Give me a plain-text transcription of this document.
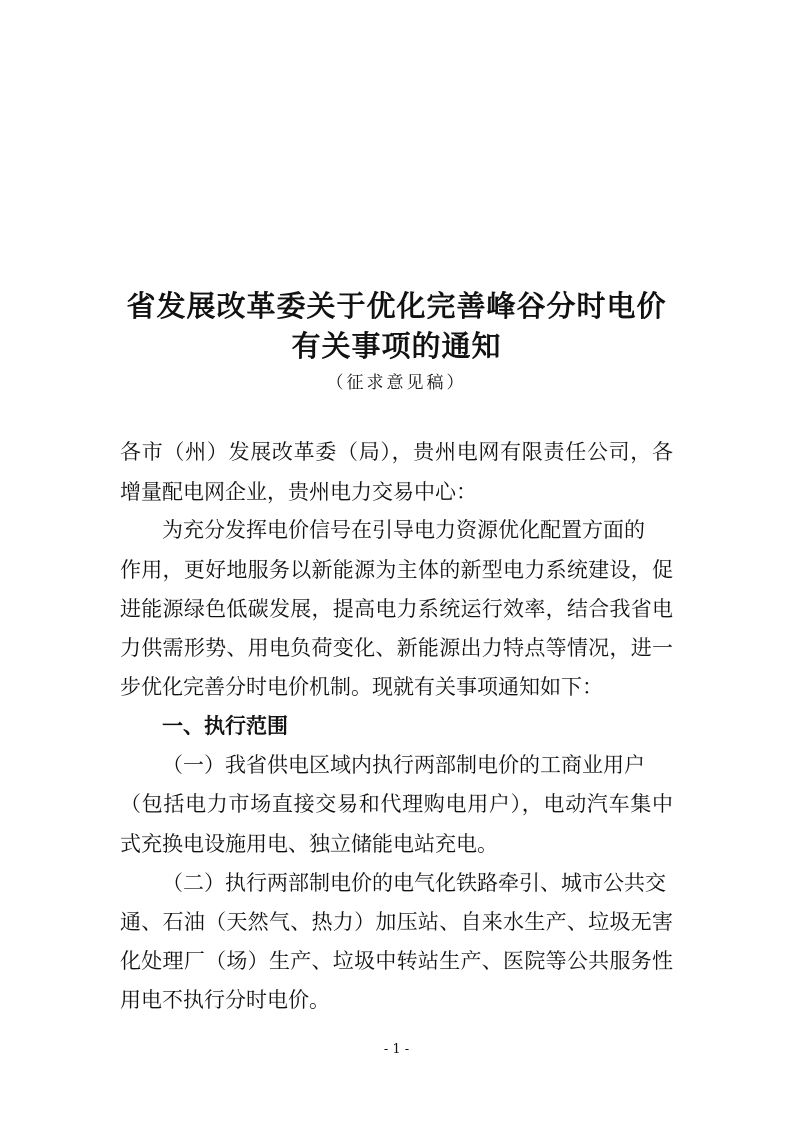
省发展改革委关于优化完善峰谷分时电价
有关事项的通知
（征求意见稿）

各市（州）发展改革委（局），贵州电网有限责任公司，各

增量配电网企业，贵州电力交易中心：

为充分发挥电价信号在引导电力资源优化配置方面的

作用，更好地服务以新能源为主体的新型电力系统建设，促

进能源绿色低碳发展，提高电力系统运行效率，结合我省电

力供需形势、用电负荷变化、新能源出力特点等情况，进一

步优化完善分时电价机制。现就有关事项通知如下：

一、执行范围

（一）我省供电区域内执行两部制电价的工商业用户

（包括电力市场直接交易和代理购电用户），电动汽车集中

式充换电设施用电、独立储能电站充电。

（二）执行两部制电价的电气化铁路牵引、城市公共交

通、石油（天然气、热力）加压站、自来水生产、垃圾无害

化处理厂（场）生产、垃圾中转站生产、医院等公共服务性

用电不执行分时电价。

- 1 -
